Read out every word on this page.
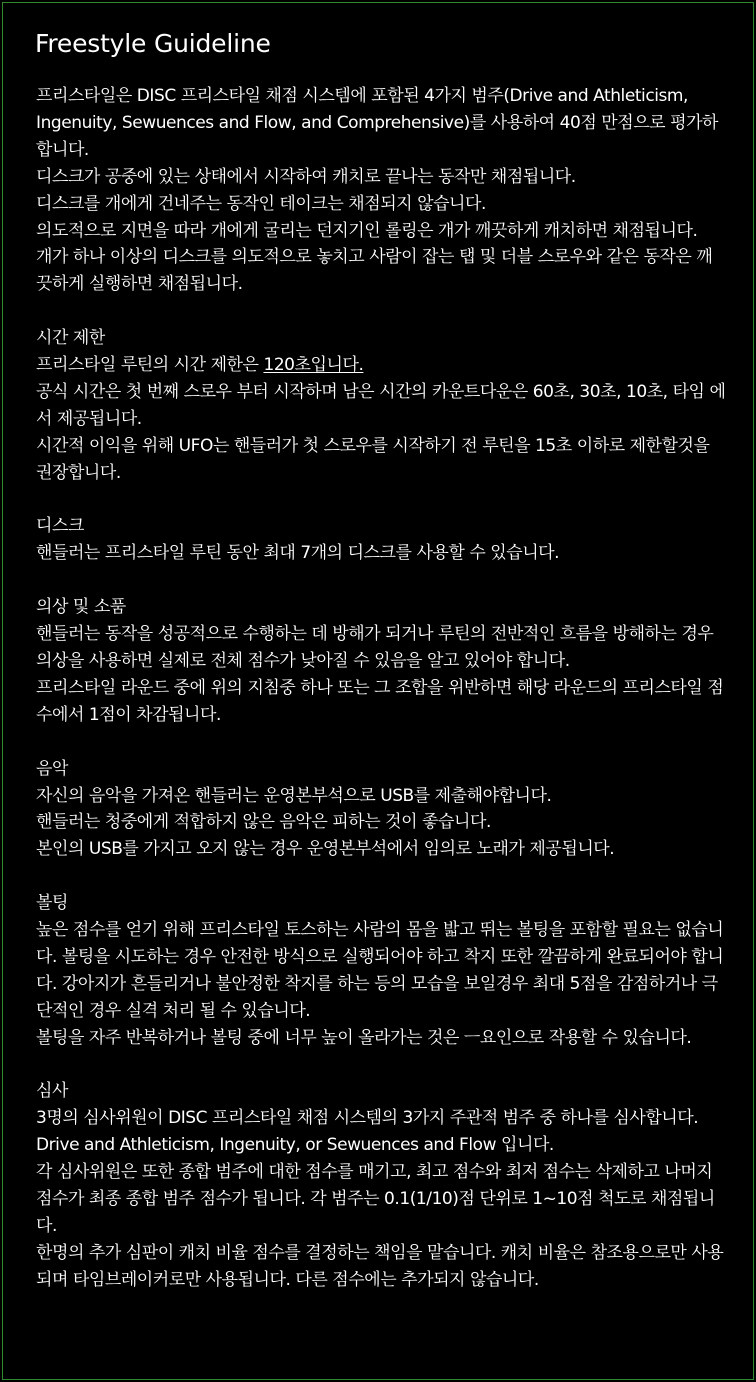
Freestyle Guideline

프리스타일은 DISC 프리스타일 채점 시스템에 포함된 4가지 범주(Drive and Athleticism, Ingenuity, Sewuences and Flow, and Comprehensive)를 사용하여 40점 만점으로 평가하합니다.

디스크가 공중에 있는 상태에서 시작하여 캐치로 끝나는 동작만 채점됩니다.

디스크를 개에게 건네주는 동작인 테이크는 채점되지 않습니다.

의도적으로 지면을 따라 개에게 굴리는 던지기인 롤링은 개가 깨끗하게 캐치하면 채점됩니다.

개가 하나 이상의 디스크를 의도적으로 놓치고 사람이 잡는 탭 및 더블 스로우와 같은 동작은 깨끗하게 실행하면 채점됩니다.

시간 제한

프리스타일 루틴의 시간 제한은 120초입니다.

공식 시간은 첫 번째 스로우 부터 시작하며 남은 시간의 카운트다운은 60초, 30초, 10초, 타임 에서 제공됩니다.

시간적 이익을 위해 UFO는 핸들러가 첫 스로우를 시작하기 전 루틴을 15초 이하로 제한할것을 권장합니다.

디스크

핸들러는 프리스타일 루틴 동안 최대 7개의 디스크를 사용할 수 있습니다.

의상 및 소품

핸들러는 동작을 성공적으로 수행하는 데 방해가 되거나 루틴의 전반적인 흐름을 방해하는 경우 의상을 사용하면 실제로 전체 점수가 낮아질 수 있음을 알고 있어야 합니다.

프리스타일 라운드 중에 위의 지침중 하나 또는 그 조합을 위반하면 해당 라운드의 프리스타일 점수에서 1점이 차감됩니다.

음악

자신의 음악을 가져온 핸들러는 운영본부석으로 USB를 제출해야합니다.

핸들러는 청중에게 적합하지 않은 음악은 피하는 것이 좋습니다.

본인의 USB를 가지고 오지 않는 경우 운영본부석에서 임의로 노래가 제공됩니다.

볼팅

높은 점수를 얻기 위해 프리스타일 토스하는 사람의 몸을 밟고 뛰는 볼팅을 포함할 필요는 없습니다. 볼팅을 시도하는 경우 안전한 방식으로 실행되어야 하고 착지 또한 깔끔하게 완료되어야 합니다. 강아지가 흔들리거나 불안정한 착지를 하는 등의 모습을 보일경우 최대 5점을 감점하거나 극단적인 경우 실격 처리 될 수 있습니다.

볼팅을 자주 반복하거나 볼팅 중에 너무 높이 올라가는 것은 ㅡ요인으로 작용할 수 있습니다.

심사

3명의 심사위원이 DISC 프리스타일 채점 시스템의 3가지 주관적 범주 중 하나를 심사합니다. Drive and Athleticism, Ingenuity, or Sewuences and Flow 입니다.

각 심사위원은 또한 종합 범주에 대한 점수를 매기고, 최고 점수와 최저 점수는 삭제하고 나머지 점수가 최종 종합 범주 점수가 됩니다. 각 범주는 0.1(1/10)점 단위로 1~10점 척도로 채점됩니다.

한명의 추가 심판이 캐치 비율 점수를 결정하는 책임을 맡습니다. 캐치 비율은 참조용으로만 사용되며 타임브레이커로만 사용됩니다. 다른 점수에는 추가되지 않습니다.
